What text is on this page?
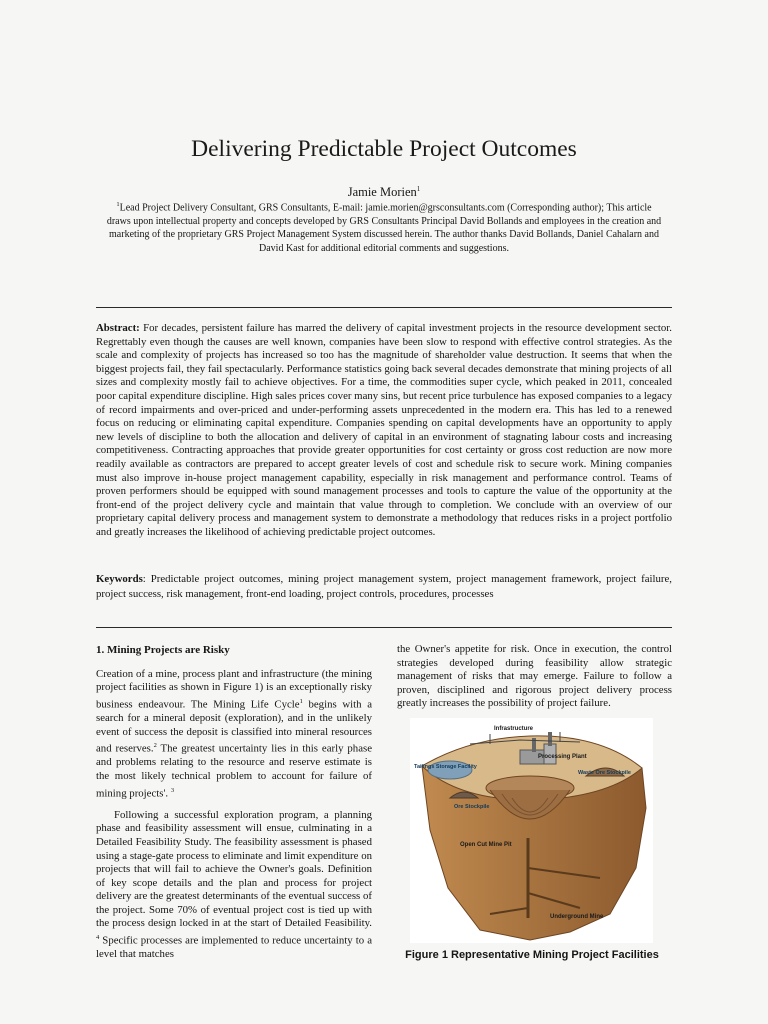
Delivering Predictable Project Outcomes
Jamie Morien$^1$
$^1$Lead Project Delivery Consultant, GRS Consultants, E-mail: jamie.morien@grsconsultants.com (Corresponding author); This article draws upon intellectual property and concepts developed by GRS Consultants Principal David Bollands and employees in the creation and marketing of the proprietary GRS Project Management System discussed herein. The author thanks David Bollands, Daniel Cahalarn and David Kast for additional editorial comments and suggestions.
Abstract: For decades, persistent failure has marred the delivery of capital investment projects in the resource development sector. Regrettably even though the causes are well known, companies have been slow to respond with effective control strategies. As the scale and complexity of projects has increased so too has the magnitude of shareholder value destruction. It seems that when the biggest projects fail, they fail spectacularly. Performance statistics going back several decades demonstrate that mining projects of all sizes and complexity mostly fail to achieve objectives. For a time, the commodities super cycle, which peaked in 2011, concealed poor capital expenditure discipline. High sales prices cover many sins, but recent price turbulence has exposed companies to a legacy of record impairments and over-priced and under-performing assets unprecedented in the modern era. This has led to a renewed focus on reducing or eliminating capital expenditure. Companies spending on capital developments have an opportunity to apply new levels of discipline to both the allocation and delivery of capital in an environment of stagnating labour costs and increasing competitiveness. Contracting approaches that provide greater opportunities for cost certainty or gross cost reduction are now more readily available as contractors are prepared to accept greater levels of cost and schedule risk to secure work. Mining companies must also improve in-house project management capability, especially in risk management and performance control. Teams of proven performers should be equipped with sound management processes and tools to capture the value of the opportunity at the front-end of the project delivery cycle and maintain that value through to completion. We conclude with an overview of our proprietary capital delivery process and management system to demonstrate a methodology that reduces risks in a project portfolio and greatly increases the likelihood of achieving predictable project outcomes.
Keywords: Predictable project outcomes, mining project management system, project management framework, project failure, project success, risk management, front-end loading, project controls, procedures, processes

1. Mining Projects are Risky

Creation of a mine, process plant and infrastructure (the mining project facilities as shown in Figure 1) is an exceptionally risky business endeavour. The Mining Life Cycle$^1$ begins with a search for a mineral deposit (exploration), and in the unlikely event of success the deposit is classified into mineral resources and reserves.$^2$ The greatest uncertainty lies in this early phase and problems relating to the resource and reserve estimate is the most likely technical problem to account for failure of mining projects'. $^3$

Following a successful exploration program, a planning phase and feasibility assessment will ensue, culminating in a Detailed Feasibility Study. The feasibility assessment is phased using a stage-gate process to eliminate and limit expenditure on projects that will fail to achieve the Owner's goals. Definition of key scope details and the plan and process for project delivery are the greatest determinants of the eventual success of the project. Some 70% of eventual project cost is tied up with the process design locked in at the start of Detailed Feasibility. $^4$ Specific processes are implemented to reduce uncertainty to a level that matches

the Owner's appetite for risk. Once in execution, the control strategies developed during feasibility allow strategic management of risks that may emerge. Failure to follow a proven, disciplined and rigorous project delivery process greatly increases the possibility of project failure.

Infrastructure
Processing Plant
Tailings Storage Facility
Waste Ore Stockpile
Ore Stockpile
Open Cut Mine Pit
Underground Mine
Figure 1 Representative Mining Project Facilities
